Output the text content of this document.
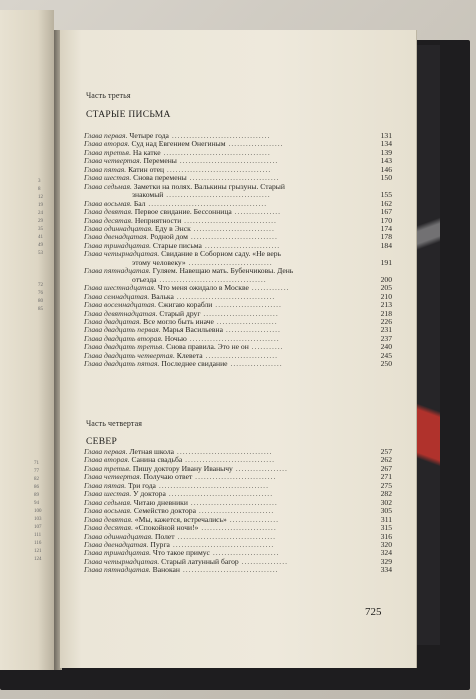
3
8
12
19
24
29
35
41
49
53

72
76
80
85

71
77
82
86
89
94
100
103
107
111
116
121
124
Часть третья
СТАРЫЕ ПИСЬМА
Глава первая. Четыре года ..................................	131
Глава вторая. Суд над Евгением Онегиным ...................	134
Глава третья. На катке .....................................	139
Глава четвертая. Перемены ..................................	143
Глава пятая. Катин отец ....................................	146
Глава шестая. Снова перемены ...............................	150
Глава седьмая. Заметки на полях. Валькины грызуны. Старый
знакомый ....................................	155
Глава восьмая. Бал .........................................	162
Глава девятая. Первое свидание. Бессонница ................	167
Глава десятая. Неприятности ................................	170
Глава одиннадцатая. Еду в Энск ............................	174
Глава двенадцатая. Родной дом ..............................	178
Глава тринадцатая. Старые письма ..........................	184
Глава четырнадцатая. Свидание в Соборном саду. «Не верь
этому человеку» .............................	191
Глава пятнадцатая. Гуляем. Навещаю мать. Бубенчиковы. День
отъезда .....................................	200
Глава шестнадцатая. Что меня ожидало в Москве .............	205
Глава семнадцатая. Валька ..................................	210
Глава восемнадцатая. Сжигаю корабли .......................	213
Глава девятнадцатая. Старый друг ..........................	218
Глава двадцатая. Все могло быть иначе .....................	226
Глава двадцать первая. Марья Васильевна ...................	231
Глава двадцать вторая. Ночью ...............................	237
Глава двадцать третья. Снова правила. Это не он ...........	240
Глава двадцать четвертая. Клевета .........................	245
Глава двадцать пятая. Последнее свидание ..................	250
Часть четвертая
СЕВЕР
Глава первая. Летная школа .................................	257
Глава вторая. Санина свадьба ...............................	262
Глава третья. Пишу доктору Ивану Иванычу ..................	267
Глава четвертая. Получаю ответ ............................	271
Глава пятая. Три года ......................................	275
Глава шестая. У доктора ....................................	282
Глава седьмая. Читаю дневники ..............................	302
Глава восьмая. Семейство доктора ..........................	305
Глава девятая. «Мы, кажется, встречались» .................	311
Глава десятая. «Спокойной ночи!» ..........................	315
Глава одиннадцатая. Полет ..................................	316
Глава двенадцатая. Пурга ...................................	320
Глава тринадцатая. Что такое примус .......................	324
Глава четырнадцатая. Старый латунный багор ................	329
Глава пятнадцатая. Ванокан .................................	334
725
